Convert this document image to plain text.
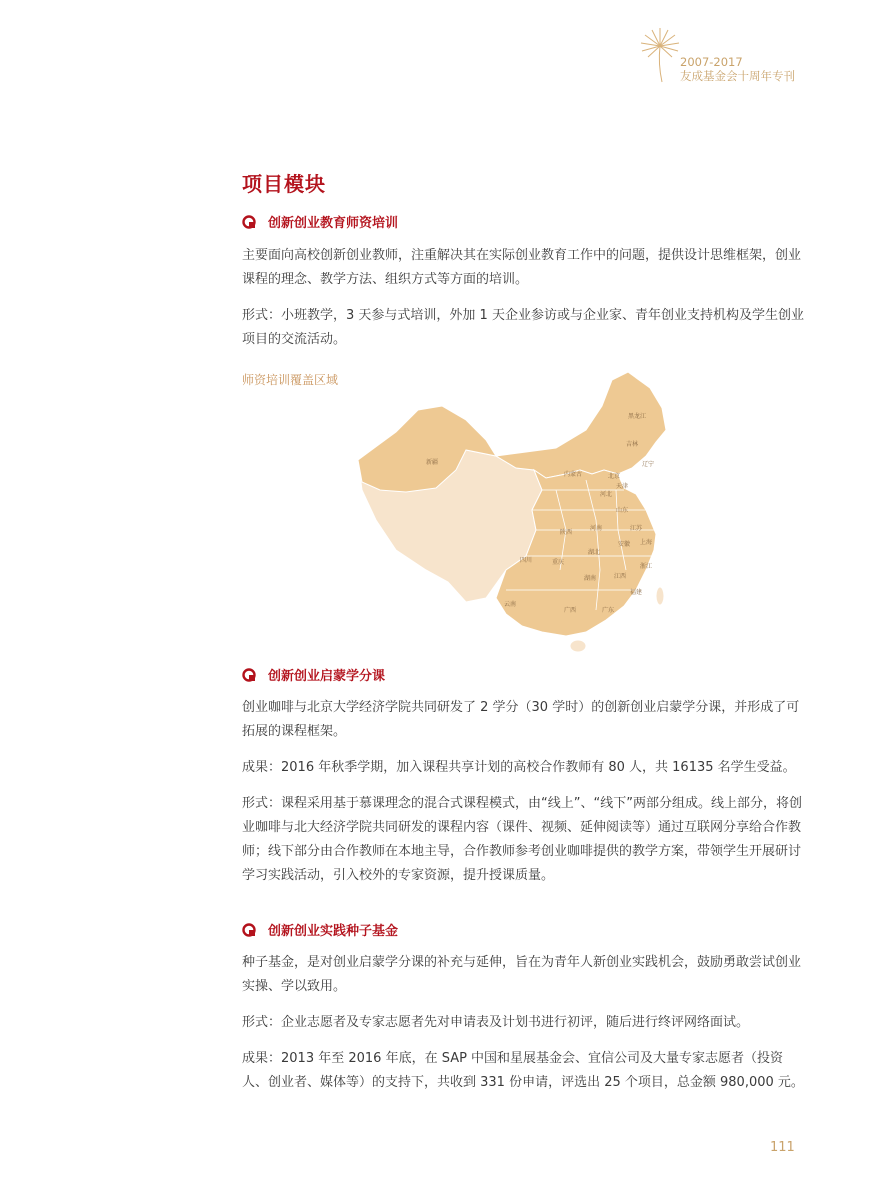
2007-2017
友成基金会十周年专刊
项目模块
创新创业教育师资培训

主要面向高校创新创业教师，注重解决其在实际创业教育工作中的问题，提供设计思维框架，创业课程的理念、教学方法、组织方式等方面的培训。

形式：小班教学，3 天参与式培训，外加 1 天企业参访或与企业家、青年创业支持机构及学生创业项目的交流活动。

师资培训覆盖区域
新疆
内蒙古
黑龙江
吉林
辽宁
北京
天津
河北
山东
陕西
河南	江苏
安徽 上海
湖北
四川	重庆
浙江
湖南	江西
福建
云南
广西	广东
创新创业启蒙学分课

创业咖啡与北京大学经济学院共同研发了 2 学分（30 学时）的创新创业启蒙学分课，并形成了可拓展的课程框架。

成果：2016 年秋季学期，加入课程共享计划的高校合作教师有 80 人，共 16135 名学生受益。

形式：课程采用基于慕课理念的混合式课程模式，由“线上”、“线下”两部分组成。线上部分，将创业咖啡与北大经济学院共同研发的课程内容（课件、视频、延伸阅读等）通过互联网分享给合作教师；线下部分由合作教师在本地主导，合作教师参考创业咖啡提供的教学方案，带领学生开展研讨学习实践活动，引入校外的专家资源，提升授课质量。

创新创业实践种子基金

种子基金，是对创业启蒙学分课的补充与延伸，旨在为青年人新创业实践机会，鼓励勇敢尝试创业实操、学以致用。

形式：企业志愿者及专家志愿者先对申请表及计划书进行初评，随后进行终评网络面试。

成果：2013 年至 2016 年底，在 SAP 中国和星展基金会、宜信公司及大量专家志愿者（投资人、创业者、媒体等）的支持下，共收到 331 份申请，评选出 25 个项目，总金额 980,000 元。

111
